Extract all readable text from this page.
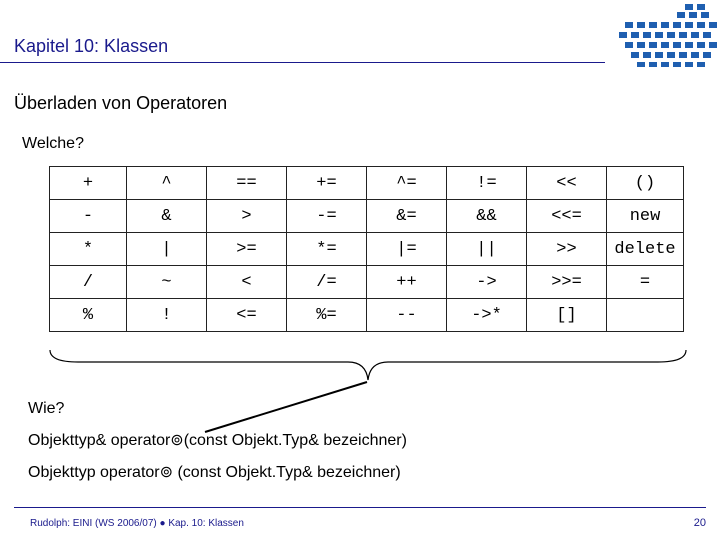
Kapitel 10: Klassen
Überladen von Operatoren
Welche?
+	^	==	+=	^=	!=	<<	()
-	&	>	-=	&=	&&	<<=	new
*	|	>=	*=	|=	||	>>	delete
/	~	<	/=	++	->	>>=	=
%	!	<=	%=	--	->*	[]	
Wie?
Objekttyp& operator⊚(const Objekt.Typ& bezeichner)
Objekttyp operator⊚ (const Objekt.Typ& bezeichner)
Rudolph: EINI (WS 2006/07) ● Kap. 10: Klassen	20
